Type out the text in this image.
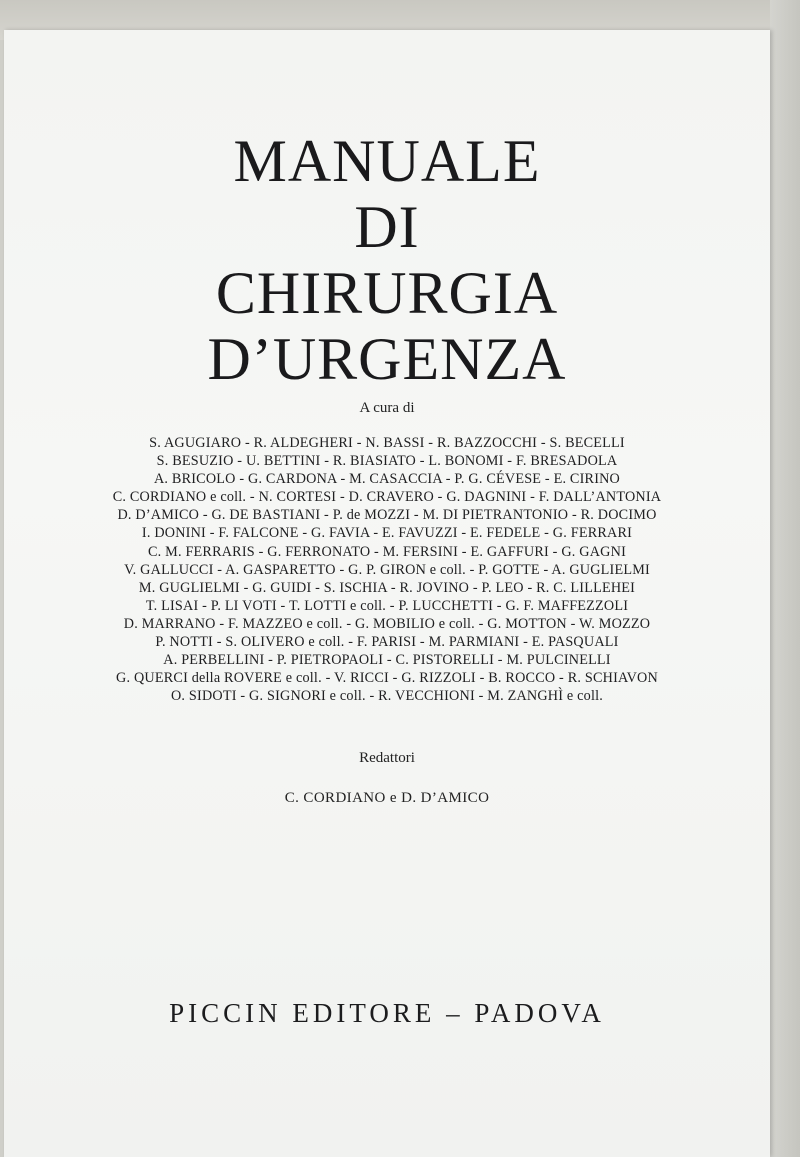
MANUALE
DI
CHIRURGIA
D’URGENZA
A cura di
S. AGUGIARO - R. ALDEGHERI - N. BASSI - R. BAZZOCCHI - S. BECELLI
S. BESUZIO - U. BETTINI - R. BIASIATO - L. BONOMI - F. BRESADOLA
A. BRICOLO - G. CARDONA - M. CASACCIA - P. G. CÉVESE - E. CIRINO
C. CORDIANO e coll. - N. CORTESI - D. CRAVERO - G. DAGNINI - F. DALL’ANTONIA
D. D’AMICO - G. DE BASTIANI - P. de MOZZI - M. DI PIETRANTONIO - R. DOCIMO
I. DONINI - F. FALCONE - G. FAVIA - E. FAVUZZI - E. FEDELE - G. FERRARI
C. M. FERRARIS - G. FERRONATO - M. FERSINI - E. GAFFURI - G. GAGNI
V. GALLUCCI - A. GASPARETTO - G. P. GIRON e coll. - P. GOTTE - A. GUGLIELMI
M. GUGLIELMI - G. GUIDI - S. ISCHIA - R. JOVINO - P. LEO - R. C. LILLEHEI
T. LISAI - P. LI VOTI - T. LOTTI e coll. - P. LUCCHETTI - G. F. MAFFEZZOLI
D. MARRANO - F. MAZZEO e coll. - G. MOBILIO e coll. - G. MOTTON - W. MOZZO
P. NOTTI - S. OLIVERO e coll. - F. PARISI - M. PARMIANI - E. PASQUALI
A. PERBELLINI - P. PIETROPAOLI - C. PISTORELLI - M. PULCINELLI
G. QUERCI della ROVERE e coll. - V. RICCI - G. RIZZOLI - B. ROCCO - R. SCHIAVON
O. SIDOTI - G. SIGNORI e coll. - R. VECCHIONI - M. ZANGHÌ e coll.
Redattori
C. CORDIANO e D. D’AMICO
PICCIN EDITORE – PADOVA
